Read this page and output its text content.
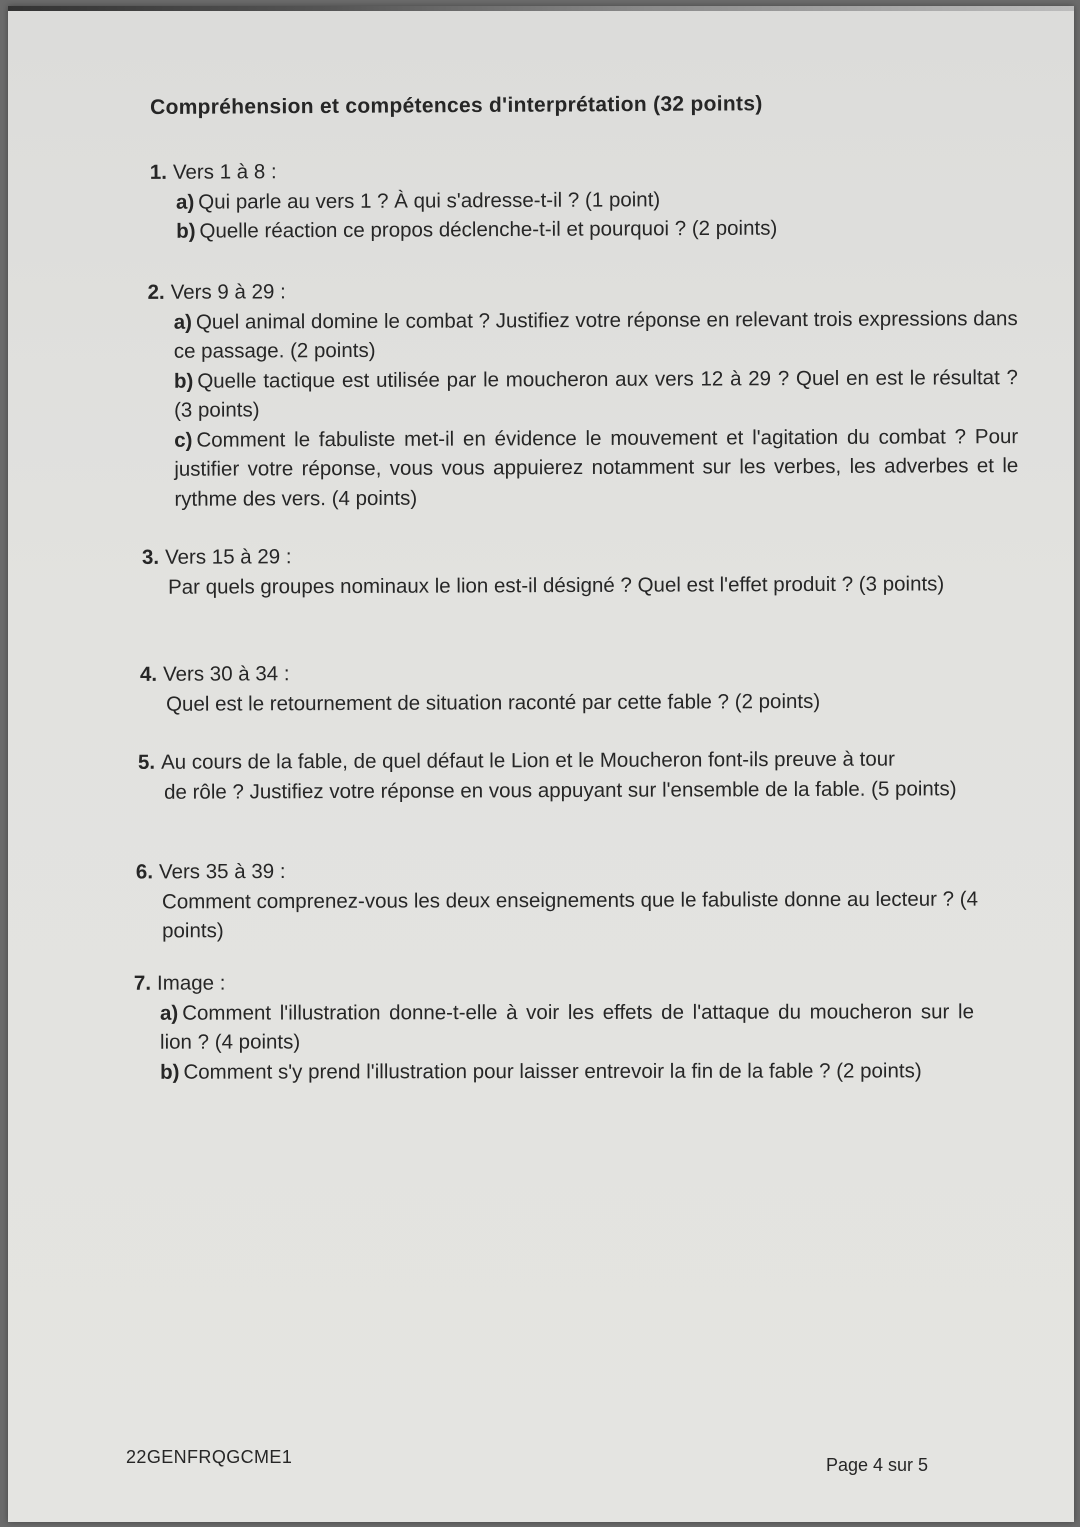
Compréhension et compétences d'interprétation (32 points)
1. Vers 1 à 8 :
a) Qui parle au vers 1 ? À qui s'adresse-t-il ? (1 point)
b) Quelle réaction ce propos déclenche-t-il et pourquoi ? (2 points)
2. Vers 9 à 29 :
a) Quel animal domine le combat ? Justifiez votre réponse en relevant trois expressions dans ce passage. (2 points)
b) Quelle tactique est utilisée par le moucheron aux vers 12 à 29 ? Quel en est le résultat ? (3 points)
c) Comment le fabuliste met-il en évidence le mouvement et l'agitation du combat ? Pour justifier votre réponse, vous vous appuierez notamment sur les verbes, les adverbes et le rythme des vers. (4 points)
3. Vers 15 à 29 :
Par quels groupes nominaux le lion est-il désigné ? Quel est l'effet produit ? (3 points)
4. Vers 30 à 34 :
Quel est le retournement de situation raconté par cette fable ? (2 points)
5. Au cours de la fable, de quel défaut le Lion et le Moucheron font-ils preuve à tour
de rôle ? Justifiez votre réponse en vous appuyant sur l'ensemble de la fable. (5 points)
6. Vers 35 à 39 :
Comment comprenez-vous les deux enseignements que le fabuliste donne au lecteur ? (4 points)
7. Image :
a) Comment l'illustration donne-t-elle à voir les effets de l'attaque du moucheron sur le lion ? (4 points)
b) Comment s'y prend l'illustration pour laisser entrevoir la fin de la fable ? (2 points)
22GENFRQGCME1	Page 4 sur 5
